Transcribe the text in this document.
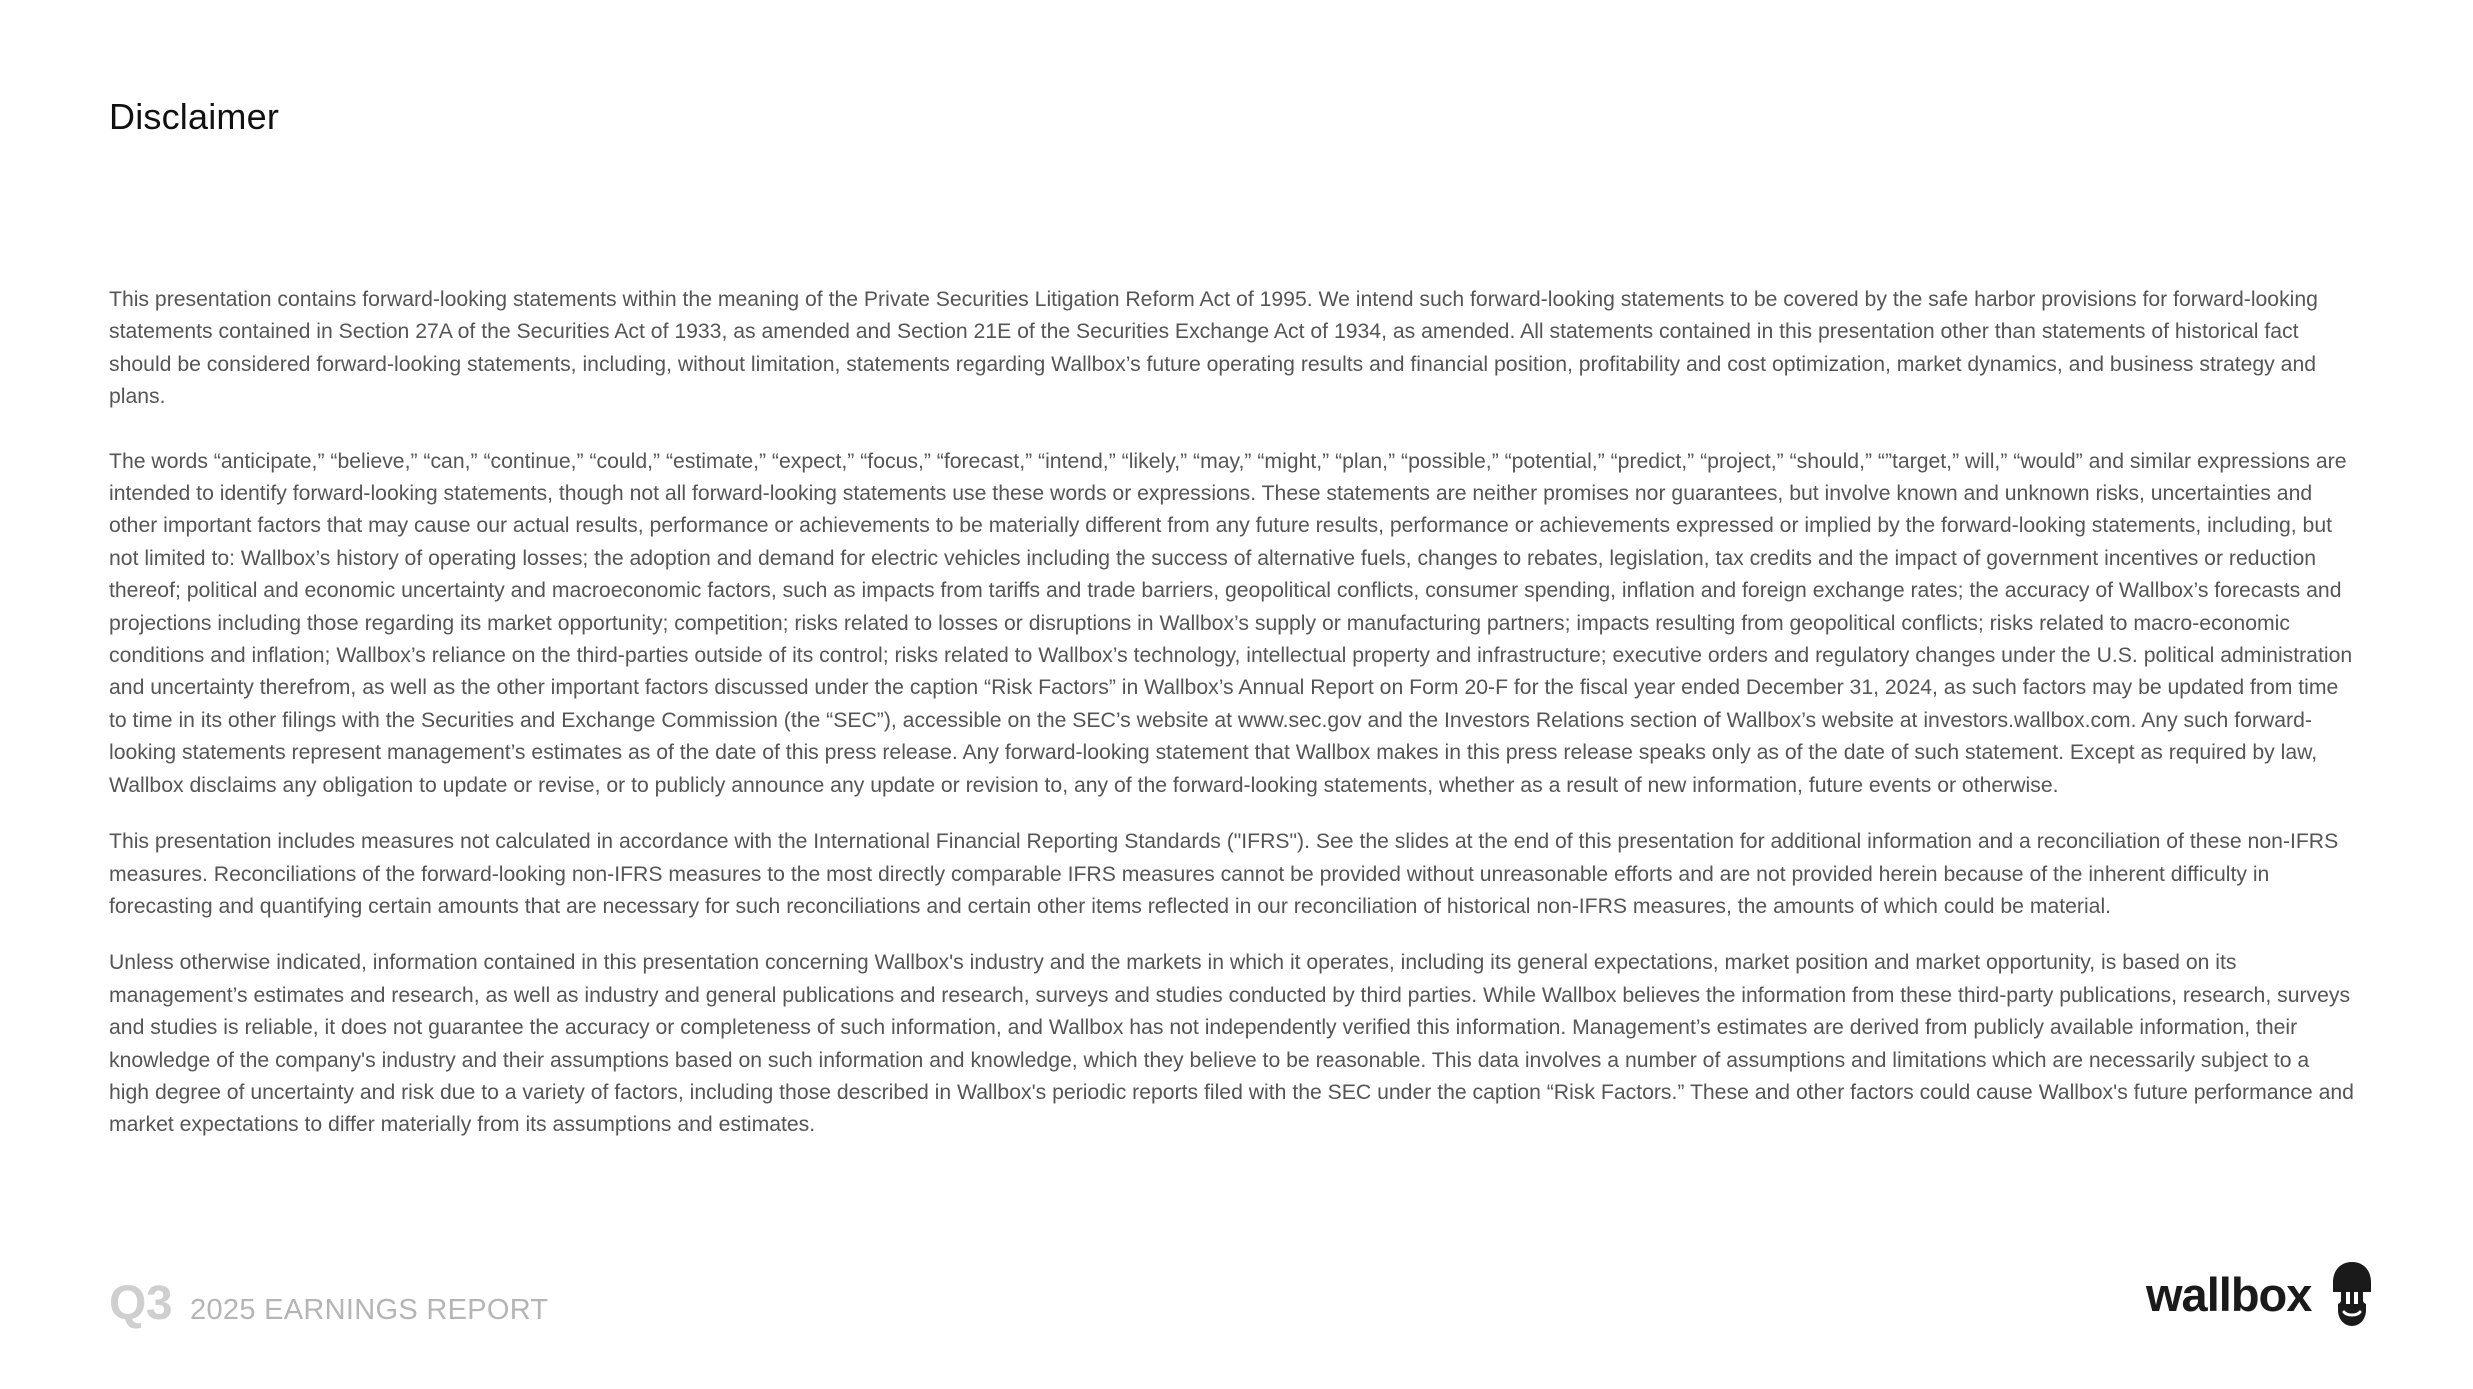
Disclaimer

This presentation contains forward-looking statements within the meaning of the Private Securities Litigation Reform Act of 1995. We intend such forward-looking statements to be covered by the safe harbor provisions for forward-looking statements contained in Section 27A of the Securities Act of 1933, as amended and Section 21E of the Securities Exchange Act of 1934, as amended. All statements contained in this presentation other than statements of historical fact should be considered forward-looking statements, including, without limitation, statements regarding Wallbox’s future operating results and financial position, profitability and cost optimization, market dynamics, and business strategy and plans.

The words “anticipate,” “believe,” “can,” “continue,” “could,” “estimate,” “expect,” “focus,” “forecast,” “intend,” “likely,” “may,” “might,” “plan,” “possible,” “potential,” “predict,” “project,” “should,” “”target,” will,” “would” and similar expressions are intended to identify forward-looking statements, though not all forward-looking statements use these words or expressions. These statements are neither promises nor guarantees, but involve known and unknown risks, uncertainties and other important factors that may cause our actual results, performance or achievements to be materially different from any future results, performance or achievements expressed or implied by the forward-looking statements, including, but not limited to: Wallbox’s history of operating losses; the adoption and demand for electric vehicles including the success of alternative fuels, changes to rebates, legislation, tax credits and the impact of government incentives or reduction thereof; political and economic uncertainty and macroeconomic factors, such as impacts from tariffs and trade barriers, geopolitical conflicts, consumer spending, inflation and foreign exchange rates; the accuracy of Wallbox’s forecasts and projections including those regarding its market opportunity; competition; risks related to losses or disruptions in Wallbox’s supply or manufacturing partners; impacts resulting from geopolitical conflicts; risks related to macro-economic conditions and inflation; Wallbox’s reliance on the third-parties outside of its control; risks related to Wallbox’s technology, intellectual property and infrastructure; executive orders and regulatory changes under the U.S. political administration and uncertainty therefrom, as well as the other important factors discussed under the caption “Risk Factors” in Wallbox’s Annual Report on Form 20-F for the fiscal year ended December 31, 2024, as such factors may be updated from time to time in its other filings with the Securities and Exchange Commission (the “SEC”), accessible on the SEC’s website at www.sec.gov and the Investors Relations section of Wallbox’s website at investors.wallbox.com. Any such forward-looking statements represent management’s estimates as of the date of this press release. Any forward-looking statement that Wallbox makes in this press release speaks only as of the date of such statement. Except as required by law, Wallbox disclaims any obligation to update or revise, or to publicly announce any update or revision to, any of the forward-looking statements, whether as a result of new information, future events or otherwise.

This presentation includes measures not calculated in accordance with the International Financial Reporting Standards ("IFRS"). See the slides at the end of this presentation for additional information and a reconciliation of these non-IFRS measures. Reconciliations of the forward-looking non-IFRS measures to the most directly comparable IFRS measures cannot be provided without unreasonable efforts and are not provided herein because of the inherent difficulty in forecasting and quantifying certain amounts that are necessary for such reconciliations and certain other items reflected in our reconciliation of historical non-IFRS measures, the amounts of which could be material.

Unless otherwise indicated, information contained in this presentation concerning Wallbox's industry and the markets in which it operates, including its general expectations, market position and market opportunity, is based on its management’s estimates and research, as well as industry and general publications and research, surveys and studies conducted by third parties. While Wallbox believes the information from these third-party publications, research, surveys and studies is reliable, it does not guarantee the accuracy or completeness of such information, and Wallbox has not independently verified this information. Management’s estimates are derived from publicly available information, their knowledge of the company's industry and their assumptions based on such information and knowledge, which they believe to be reasonable. This data involves a number of assumptions and limitations which are necessarily subject to a high degree of uncertainty and risk due to a variety of factors, including those described in Wallbox's periodic reports filed with the SEC under the caption “Risk Factors.” These and other factors could cause Wallbox's future performance and market expectations to differ materially from its assumptions and estimates.

Q3 2025 EARNINGS REPORT	wallbox
